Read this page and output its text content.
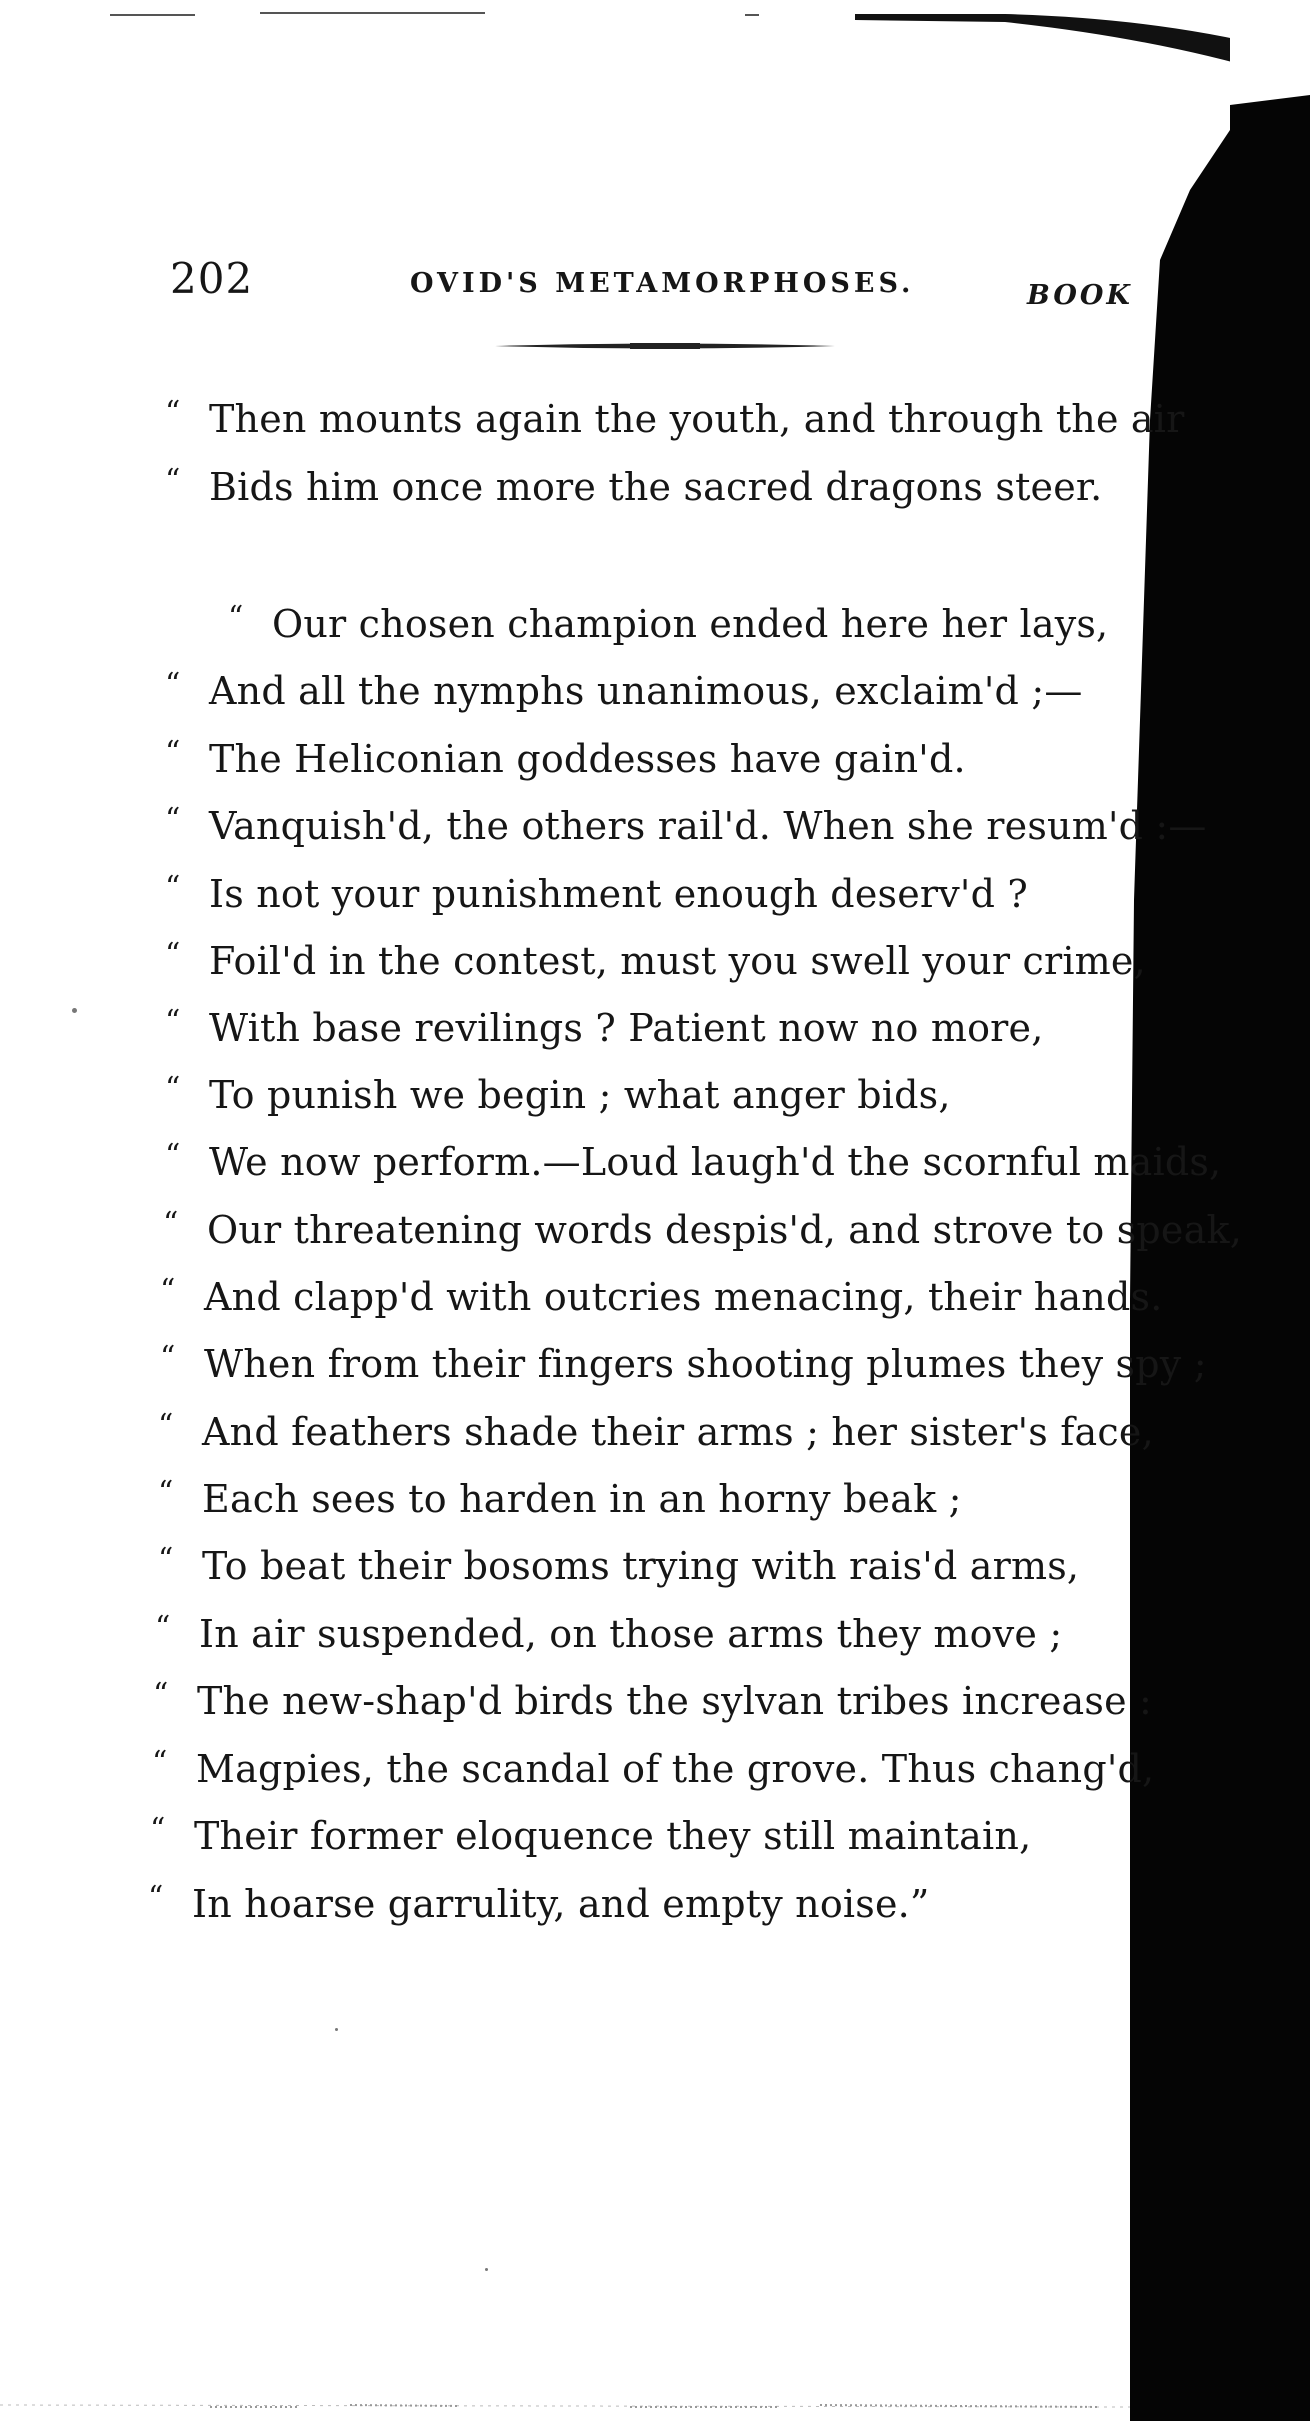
202	OVID'S METAMORPHOSES.	BOOK
“ Then mounts again the youth, and through the air
“ Bids him once more the sacred dragons steer.
“ Our chosen champion ended here her lays,
“ And all the nymphs unanimous, exclaim'd ;—
“ The Heliconian goddesses have gain'd.
“ Vanquish'd, the others rail'd. When she resum'd :—
“ Is not your punishment enough deserv'd ?
“ Foil'd in the contest, must you swell your crime,
“ With base revilings ? Patient now no more,
“ To punish we begin ; what anger bids,
“ We now perform.—Loud laugh'd the scornful maids,
“ Our threatening words despis'd, and strove to speak,
“ And clapp'd with outcries menacing, their hands.
“ When from their fingers shooting plumes they spy ;
“ And feathers shade their arms ; her sister's face,
“ Each sees to harden in an horny beak ;
“ To beat their bosoms trying with rais'd arms,
“ In air suspended, on those arms they move ;
“ The new-shap'd birds the sylvan tribes increase :
“ Magpies, the scandal of the grove. Thus chang'd,
“ Their former eloquence they still maintain,
“ In hoarse garrulity, and empty noise.”
